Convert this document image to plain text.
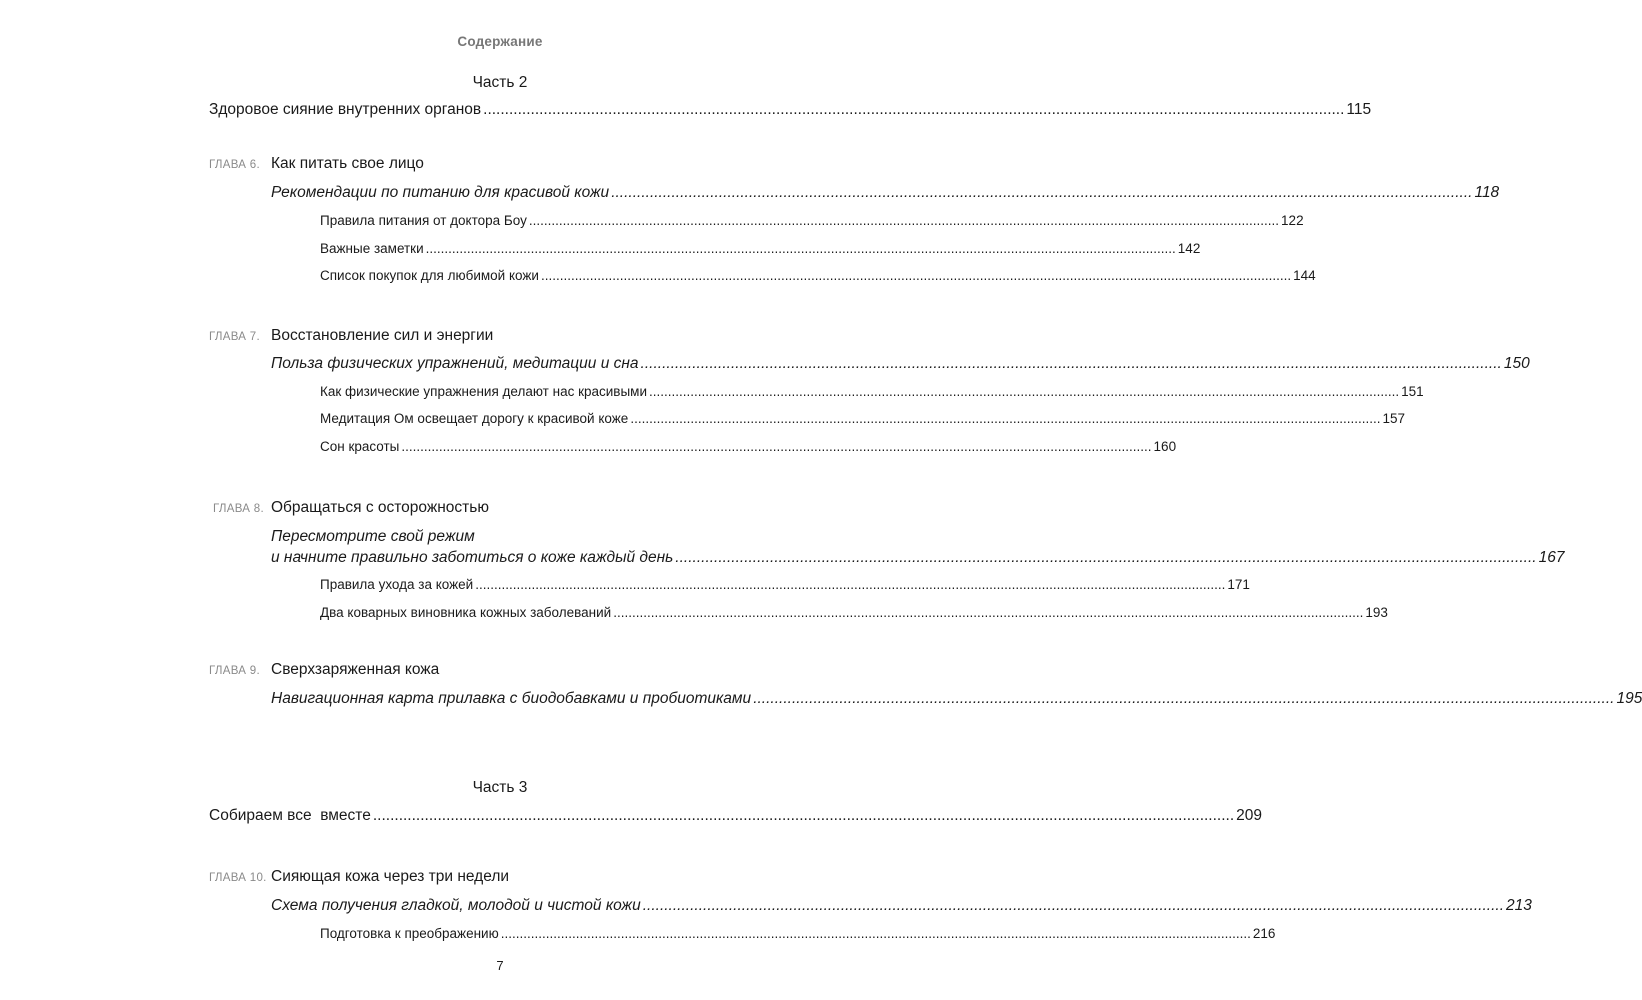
Содержание
Часть 2
Здоровое сияние внутренних органов ........................................................................................................................................................................................................ 115
ГЛАВА 6. Как питать свое лицо
Рекомендации по питанию для красивой кожи ........................................................................................................................................................................................................ 118
Правила питания от доктора Боу ........................................................................................................................................................................................................ 122
Важные заметки ........................................................................................................................................................................................................ 142
Список покупок для любимой кожи ........................................................................................................................................................................................................ 144
ГЛАВА 7. Восстановление сил и энергии
Польза физических упражнений, медитации и сна ........................................................................................................................................................................................................ 150
Как физические упражнения делают нас красивыми ........................................................................................................................................................................................................ 151
Медитация Ом освещает дорогу к красивой коже ........................................................................................................................................................................................................ 157
Сон красоты ........................................................................................................................................................................................................ 160
ГЛАВА 8. Обращаться с осторожностью
Пересмотрите свой режим
и начните правильно заботиться о коже каждый день ........................................................................................................................................................................................................ 167
Правила ухода за кожей ........................................................................................................................................................................................................ 171
Два коварных виновника кожных заболеваний ........................................................................................................................................................................................................ 193
ГЛАВА 9. Сверхзаряженная кожа
Навигационная карта прилавка с биодобавками и пробиотиками ........................................................................................................................................................................................................ 195
Часть 3
Собираем все  вместе ........................................................................................................................................................................................................ 209
ГЛАВА 10. Сияющая кожа через три недели
Схема получения гладкой, молодой и чистой кожи ........................................................................................................................................................................................................ 213
Подготовка к преображению ........................................................................................................................................................................................................ 216
7
